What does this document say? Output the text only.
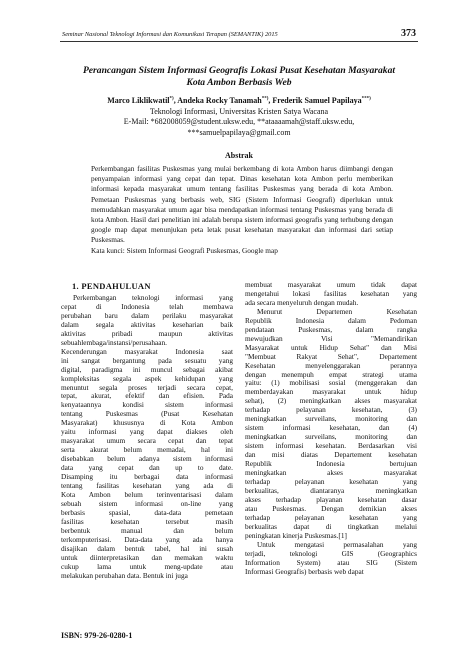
Seminar Nasional Teknologi Informasi dan Komunikasi Terapan (SEMANTIK) 2015	373
Perancangan Sistem Informasi Geografis Lokasi Pusat Kesehatan Masyarakat
Kota Ambon Berbasis Web
Marco Liklikwatil*), Andeka Rocky Tanamah**), Frederik Samuel Papilaya***)
Teknologi Informasi, Universitas Kristen Satya Wacana
E-Mail: *682008059@student.uksw.edu, **ataaaamah@staff.uksw.edu,
***samuelpapilaya@gmail.com
Abstrak

Perkembangan fasilitas Puskesmas yang mulai berkembang di kota Ambon harus diimbangi dengan penyampaian informasi yang cepat dan tepat. Dinas kesehatan kota Ambon perlu memberikan informasi kepada masyarakat umum tentang fasilitas Puskesmas yang berada di kota Ambon. Pemetaan Puskesmas yang berbasis web, SIG (Sistem Informasi Geografi) diperlukan untuk memudahkan masyarakat umum agar bisa mendapatkan informasi tentang Puskesmas yang berada di kota Ambon. Hasil dari penelitian ini adalah berupa sistem informasi geografis yang terhubung dengan google map dapat menunjukan peta letak pusat kesehatan masyarakat dan informasi dari setiap Puskesmas.

Kata kunci: Sistem Informasi Geografi Puskesmas, Google map

1. PENDAHULUAN
Perkembangan teknologi informasi yang
cepat di Indonesia telah membawa
perubahan baru dalam perilaku masyarakat
dalam segala aktivitas keseharian baik
aktivitas pribadi maupun aktivitas
sebuahlembaga/instansi/perusahaan.
Kecenderungan masyarakat Indonesia saat
ini sangat bergantung pada sesuatu yang
digital, paradigma ini muncul sebagai akibat
kompleksitas segala aspek kehidupan yang
menuntut segala proses terjadi secara cepat,
tepat, akurat, efektif dan efisien. Pada
kenyataannya kondisi sistem informasi
tentang Puskesmas (Pusat Kesehatan
Masyarakat) khususnya di Kota Ambon
yaitu informasi yang dapat diakses oleh
masyarakat umum secara cepat dan tepat
serta akurat belum memadai, hal ini
disebabkan belum adanya sistem informasi
data yang cepat dan up to date.
Disamping itu berbagai data informasi
tentang fasilitas kesehatan yang ada di
Kota Ambon belum terinventarisasi dalam
sebuah sistem informasi on-line yang
berbasis spasial, data-data pemetaan
fasilitas kesehatan tersebut masih
berbentuk manual dan belum
terkomputerisasi. Data-data yang ada hanya
disajikan dalam bentuk tabel, hal ini susah
untuk diinterpretasikan dan memakan waktu
cukup lama untuk meng-update atau
melakukan perubahan data. Bentuk ini juga
membuat masyarakat umum tidak dapat
mengetahui lokasi fasilitas kesehatan yang
ada secara menyeluruh dengan mudah.
Menurut Departemen Kesehatan
Republik Indonesia dalam Pedoman
pendataan Puskesmas, dalam rangka
mewujudkan Visi "Memandirikan
Masyarakat untuk Hidup Sehat" dan Misi
"Membuat Rakyat Sehat", Departement
Kesehatan menyelenggarakan perannya
dengan menempuh empat strategi utama
yaitu: (1) mobilisasi sosial (menggerakan dan
memberdayakan masyarakat untuk hidup
sehat), (2) meningkatkan akses masyarakat
terhadap pelayanan kesehatan, (3)
meningkatkan surveilans, monitoring dan
sistem informasi kesehatan, dan (4)
meningkatkan surveilans, monitoring dan
sistem informasi kesehatan. Berdasarkan visi
dan misi diatas Departement kesehatan
Republik Indonesia bertujuan
meningkatkan akses masyarakat
terhadap pelayanan kesehatan yang
berkualitas, diantaranya meningkatkan
akses terhadap playanan kesehatan dasar
atau Puskesmas. Dengan demikian akses
terhadap pelayanan kesehatan yang
berkualitas dapat di tingkatkan melalui
peningkatan kinerja Puskesmas.[1]
Untuk mengatasi permasalahan yang
terjadi, teknologi GIS (Geographics
Information System) atau SIG (Sistem
Informasi Geografis) berbasis web dapat
ISBN: 979-26-0280-1
